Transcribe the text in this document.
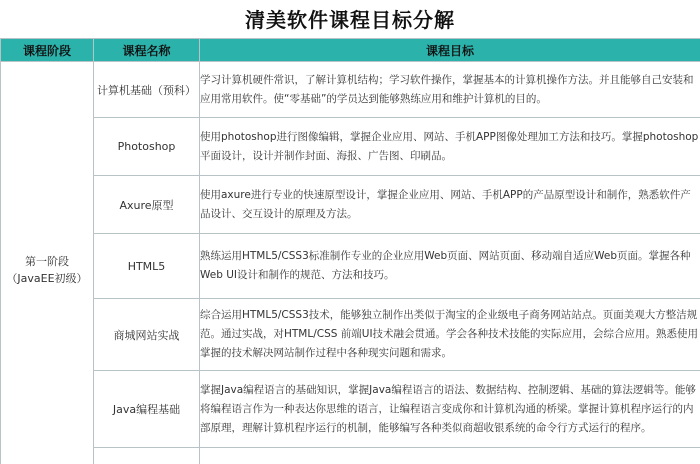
清美软件课程目标分解
课程阶段	课程名称	课程目标

第一阶段
（JavaEE初级）	计算机基础（预科）	学习计算机硬件常识，了解计算机结构；学习软件操作，掌握基本的计算机操作方法。并且能够自己安装和应用常用软件。使“零基础”的学员达到能够熟练应用和维护计算机的目的。
	Photoshop	使用photoshop进行图像编辑，掌握企业应用、网站、手机APP图像处理加工方法和技巧。掌握photoshop平面设计，设计并制作封面、海报、广告图、印刷品。
	Axure原型	使用axure进行专业的快速原型设计，掌握企业应用、网站、手机APP的产品原型设计和制作，熟悉软件产品设计、交互设计的原理及方法。
	HTML5	熟练运用HTML5/CSS3标准制作专业的企业应用Web页面、网站页面、移动端自适应Web页面。掌握各种Web UI设计和制作的规范、方法和技巧。
	商城网站实战	综合运用HTML5/CSS3技术，能够独立制作出类似于淘宝的企业级电子商务网站站点。页面美观大方整洁规范。通过实战，对HTML/CSS 前端UI技术融会贯通。学会各种技术技能的实际应用，会综合应用。熟悉使用掌握的技术解决网站制作过程中各种现实问题和需求。
	Java编程基础	掌握Java编程语言的基础知识，掌握Java编程语言的语法、数据结构、控制逻辑、基础的算法逻辑等。能够将编程语言作为一种表达你思维的语言，让编程语言变成你和计算机沟通的桥梁。掌握计算机程序运行的内部原理，理解计算机程序运行的机制，能够编写各种类似商超收银系统的命令行方式运行的程序。
